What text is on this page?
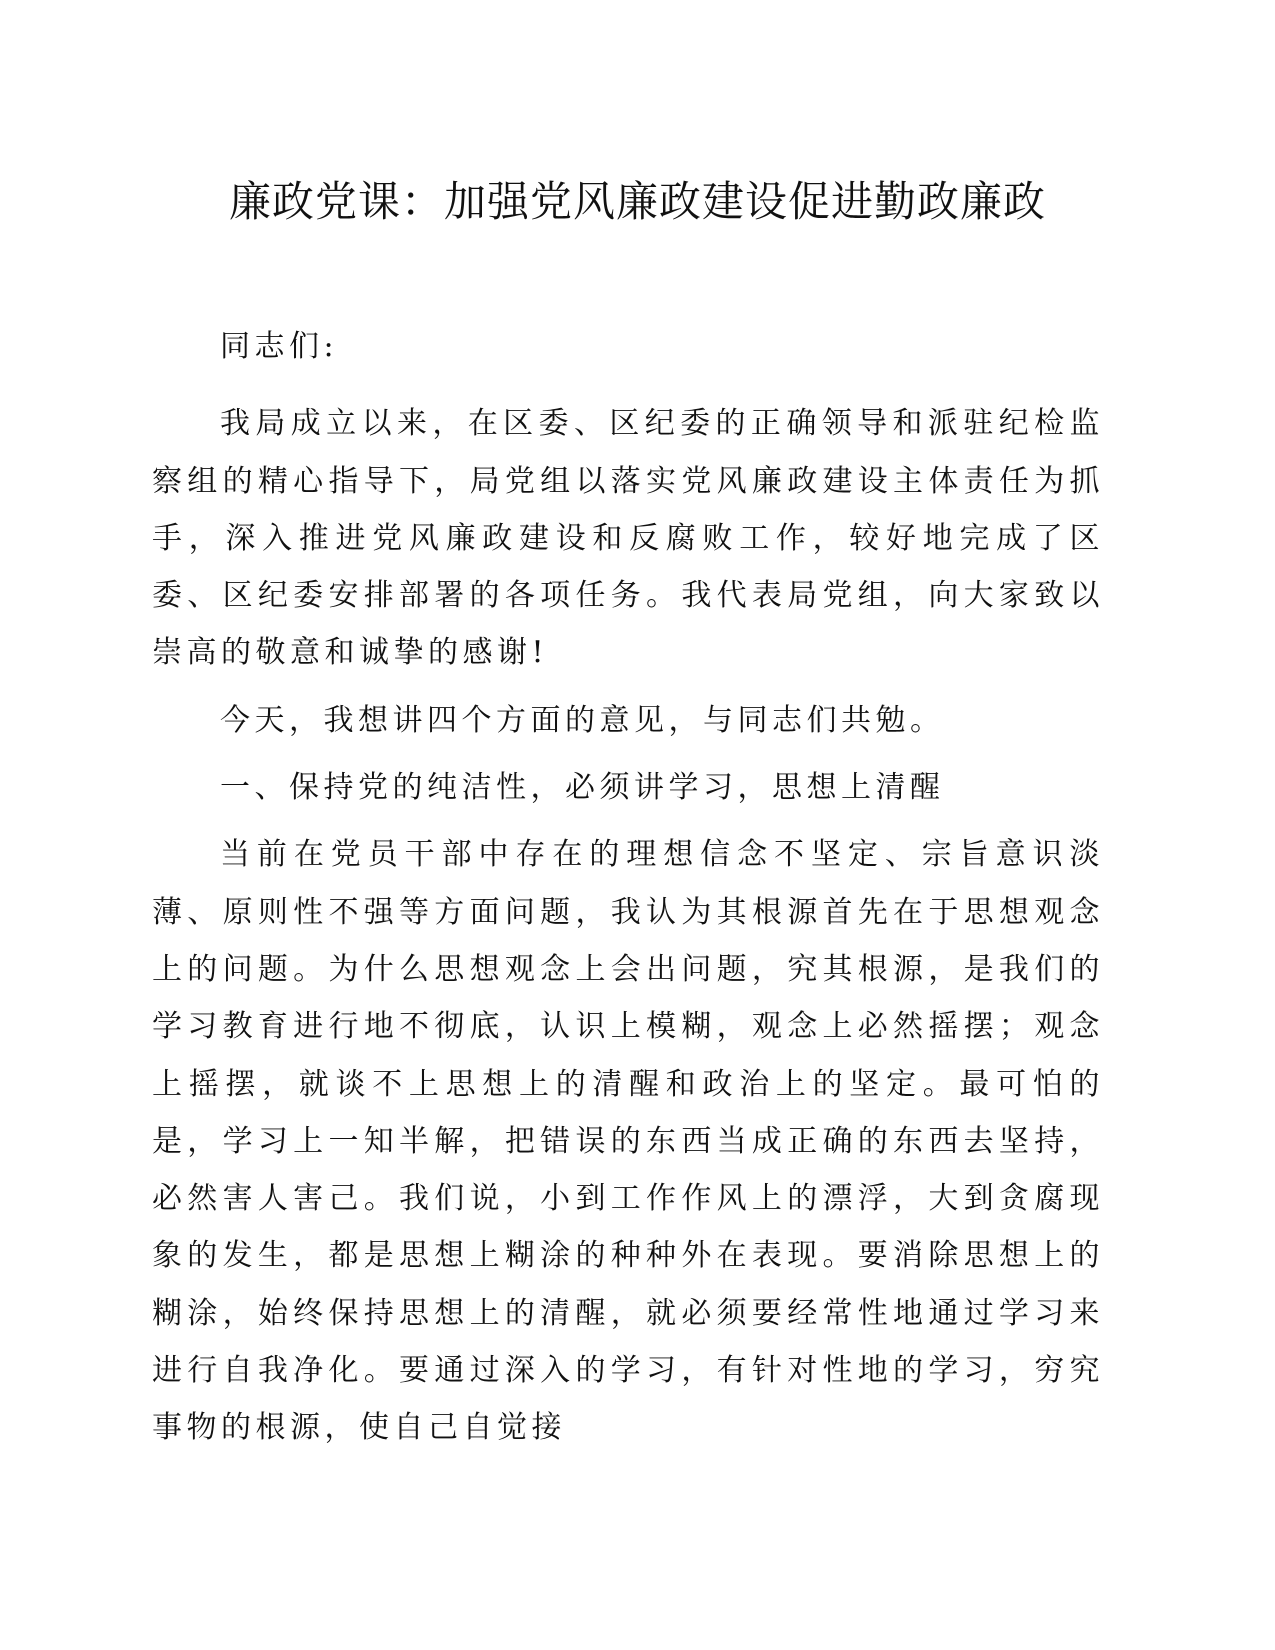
廉政党课：加强党风廉政建设促进勤政廉政

同志们:

我局成立以来，在区委、区纪委的正确领导和派驻纪检监察组的精心指导下，局党组以落实党风廉政建设主体责任为抓手，深入推进党风廉政建设和反腐败工作，较好地完成了区委、区纪委安排部署的各项任务。我代表局党组，向大家致以崇高的敬意和诚挚的感谢!

今天，我想讲四个方面的意见，与同志们共勉。

一、保持党的纯洁性，必须讲学习，思想上清醒

当前在党员干部中存在的理想信念不坚定、宗旨意识淡薄、原则性不强等方面问题，我认为其根源首先在于思想观念上的问题。为什么思想观念上会出问题，究其根源，是我们的学习教育进行地不彻底，认识上模糊，观念上必然摇摆；观念上摇摆，就谈不上思想上的清醒和政治上的坚定。最可怕的是，学习上一知半解，把错误的东西当成正确的东西去坚持，必然害人害己。我们说，小到工作作风上的漂浮，大到贪腐现象的发生，都是思想上糊涂的种种外在表现。要消除思想上的糊涂，始终保持思想上的清醒，就必须要经常性地通过学习来进行自我净化。要通过深入的学习，有针对性地的学习，穷究事物的根源，使自己自觉接
